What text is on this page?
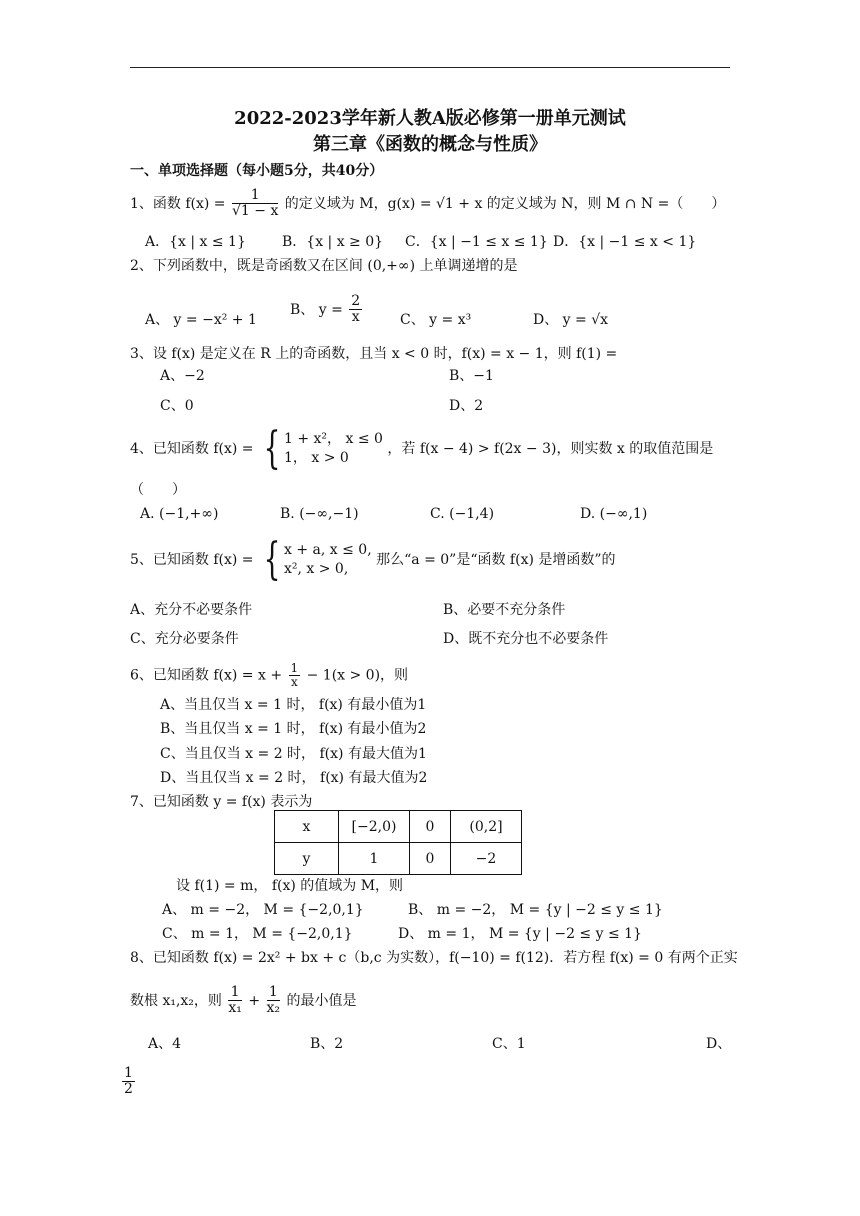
2022-2023学年新人教A版必修第一册单元测试
第三章《函数的概念与性质》
一、单项选择题（每小题5分，共40分）
1、函数 $f(x) = \frac{1}{√1 - x}$ 的定义域为 M，g(x) = √1 + x 的定义域为 N，则 M ∩ N =（　　）
A．{x | x ≤ 1}	B．{x | x ≥ 0} C．{x | −1 ≤ x ≤ 1} D．{x | −1 ≤ x < 1}
2、下列函数中，既是奇函数又在区间 (0,+∞) 上单调递增的是
A、 y = −x² + 1
B、 $y = \frac{2}{x}$	C、 y = x³	D、 y = √x
3、设 f(x) 是定义在 R 上的奇函数，且当 x < 0 时，f(x) = x − 1，则 f(1) =
A、−2	B、−1
C、0	D、2
4、已知函数 f(x) = { 1 + x²， x ≤ 0
1， x > 0
，若 f(x − 4) > f(2x − 3)，则实数 x 的取值范围是
（　　）
A. (−1,+∞)	B. (−∞,−1)	C. (−1,4)	D. (−∞,1)
5、已知函数 f(x) = { x + a, x ≤ 0,
x², x > 0,
那么“a = 0”是“函数 f(x) 是增函数”的
A、充分不必要条件	B、必要不充分条件
C、充分必要条件	D、既不充分也不必要条件
6、已知函数 $f(x) = x + \frac{1}{x} - 1(x > 0)$，则
A、当且仅当 x = 1 时， f(x) 有最小值为1
B、当且仅当 x = 1 时， f(x) 有最小值为2
C、当且仅当 x = 2 时， f(x) 有最大值为1
D、当且仅当 x = 2 时， f(x) 有最大值为2
7、已知函数 y = f(x) 表示为
x	[−2,0)	0	(0,2]
y	1	0	−2
设 f(1) = m， f(x) 的值域为 M，则
A、 m = −2， M = {−2,0,1}	B、 m = −2， M = {y | −2 ≤ y ≤ 1}
C、 m = 1， M = {−2,0,1}	D、 m = 1， M = {y | −2 ≤ y ≤ 1}
8、已知函数 f(x) = 2x² + bx + c（b,c 为实数），f(−10) = f(12)．若方程 f(x) = 0 有两个正实
数根 x₁,x₂，则 $\frac{1}{\text{x₁}} + \frac{1}{\text{x₂}}$ 的最小值是
A、4	B、2	C、1	D、
$\frac{1}{2}$
